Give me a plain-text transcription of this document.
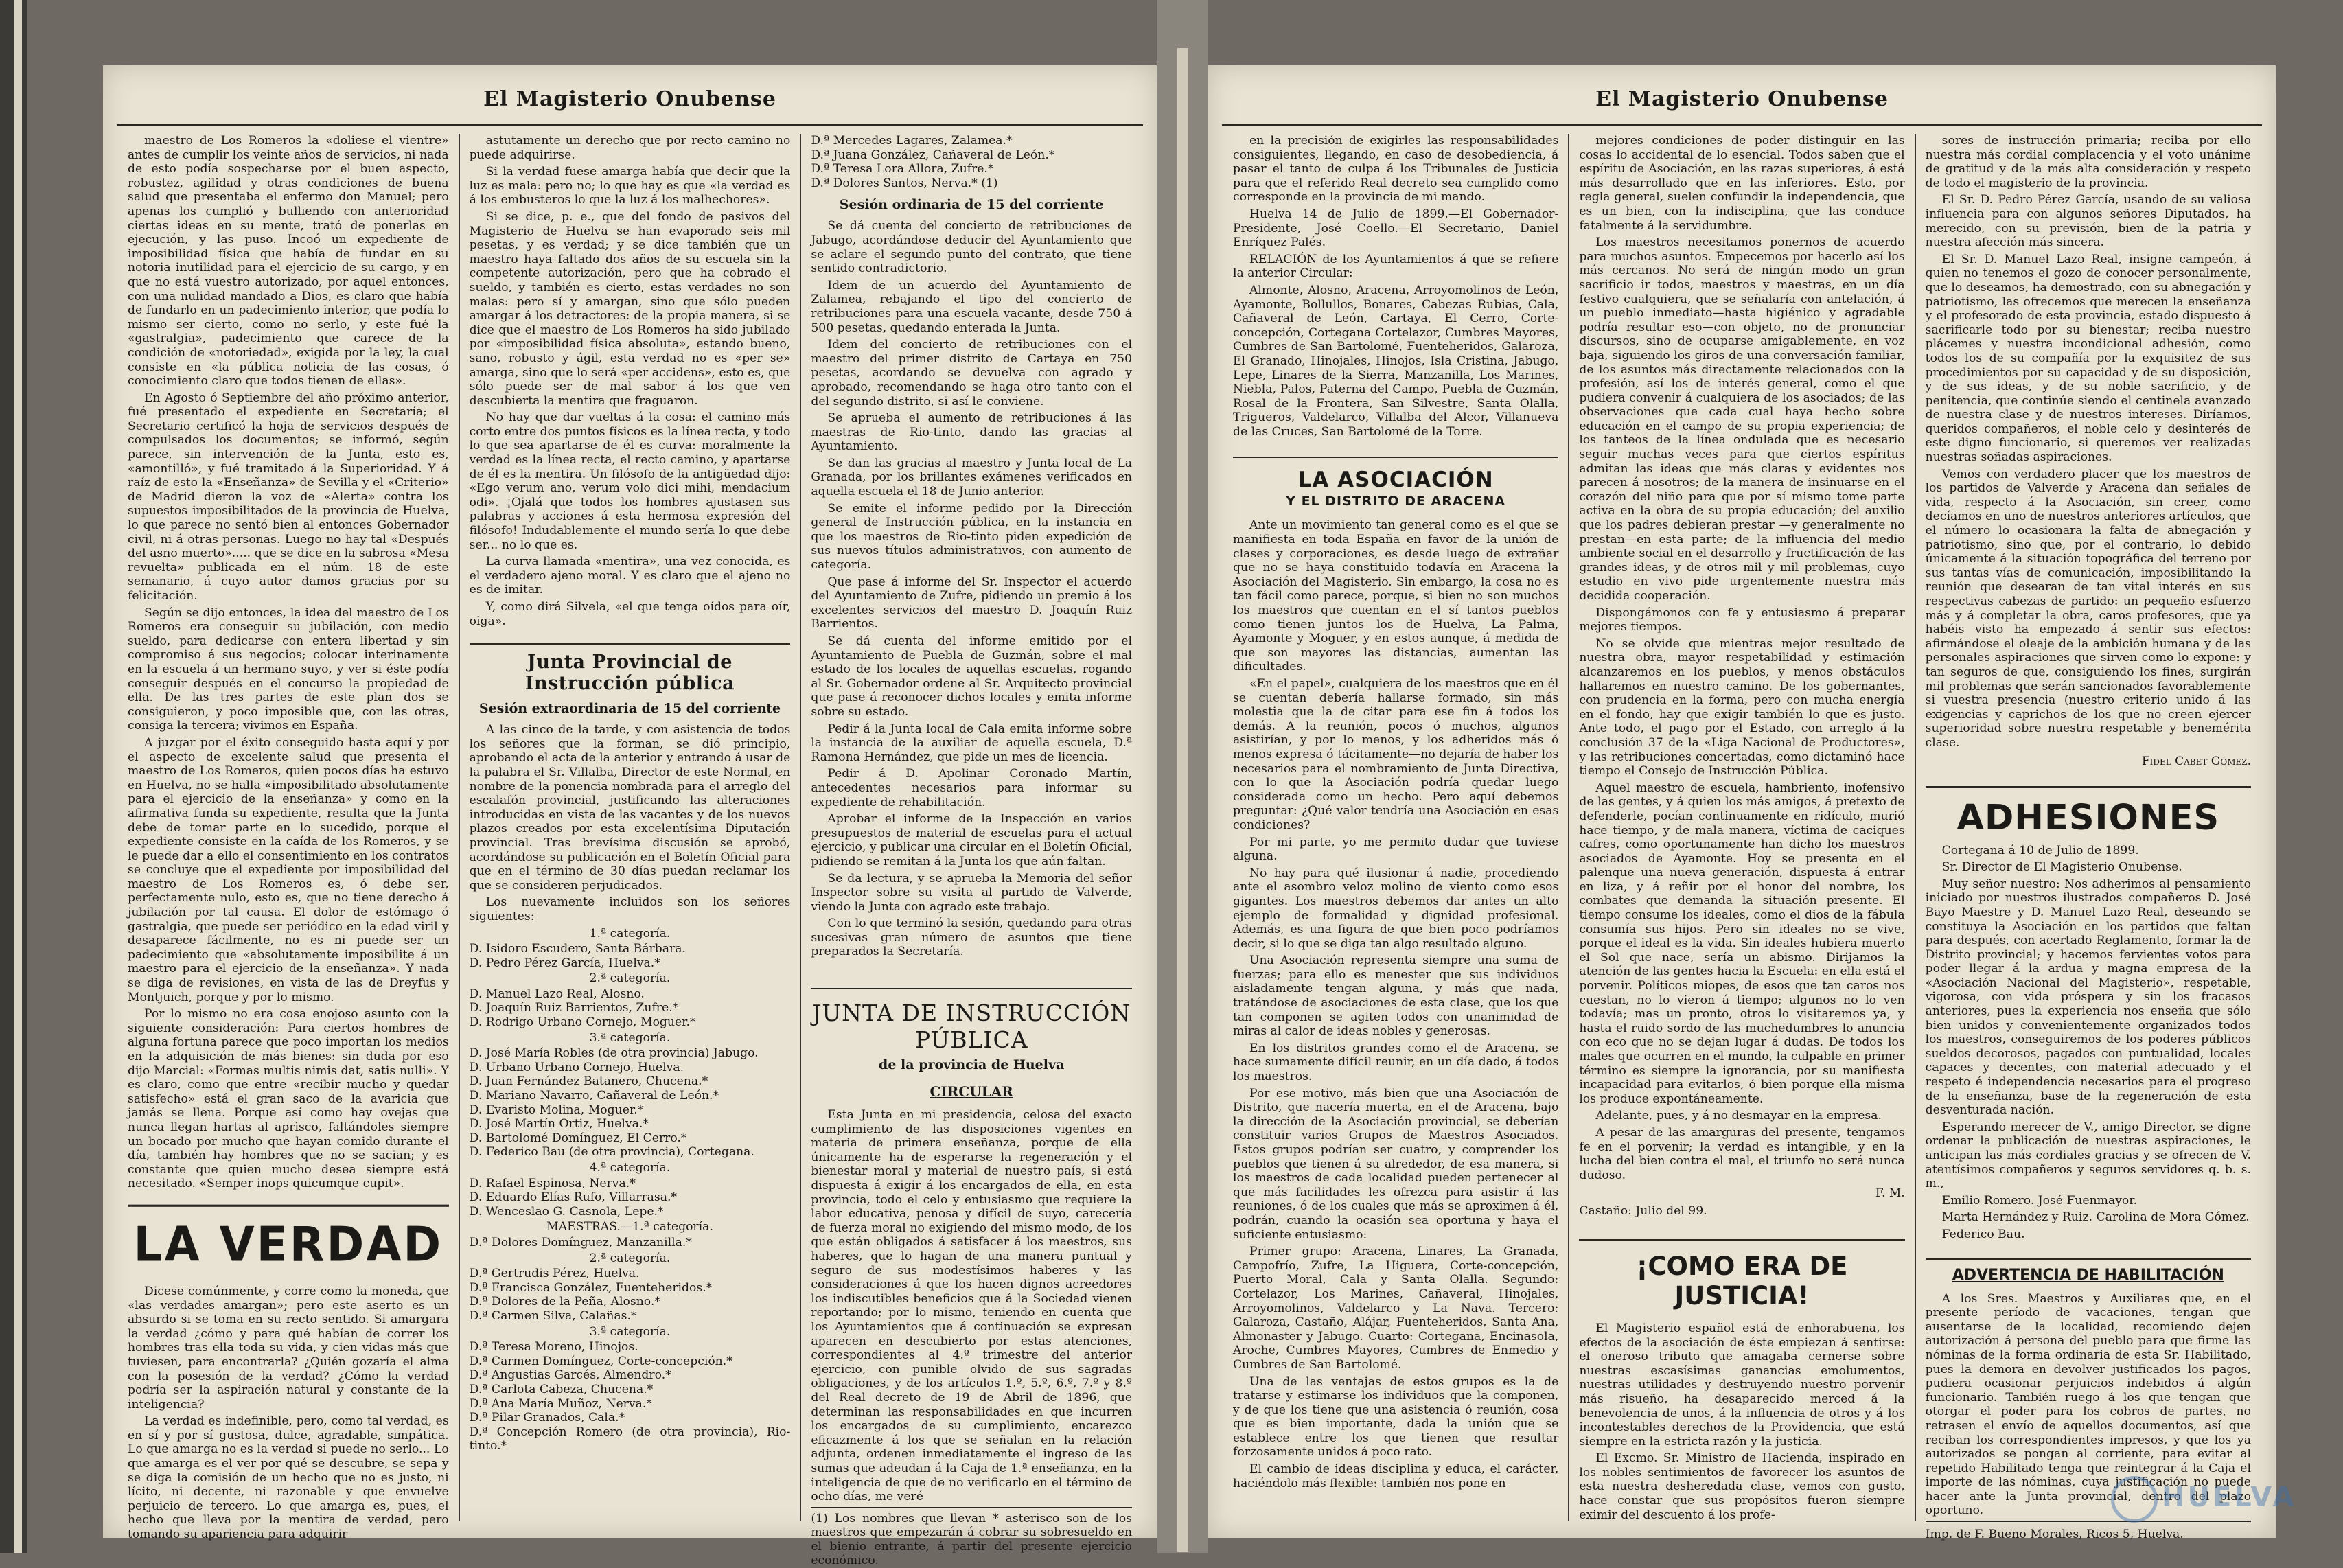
El Magisterio Onubense

maestro de Los Romeros la «doliese el vientre» antes de cumplir los veinte años de servicios, ni nada de esto podía sospecharse por el buen aspecto, robustez, agilidad y otras condiciones de buena salud que presentaba el enfermo don Manuel; pero apenas los cumplió y bulliendo con anterioridad ciertas ideas en su mente, trató de ponerlas en ejecución, y las puso. Incoó un expediente de imposibilidad física que había de fundar en su notoria inutilidad para el ejercicio de su cargo, y en que no está vuestro autorizado, por aquel entonces, con una nulidad mandado a Dios, es claro que había de fundarlo en un padecimiento interior, que podía lo mismo ser cierto, como no serlo, y este fué la «gastralgia», padecimiento que carece de la condición de «notoriedad», exigida por la ley, la cual consiste en «la pública noticia de las cosas, ó conocimiento claro que todos tienen de ellas».

En Agosto ó Septiembre del año próximo anterior, fué presentado el expediente en Secretaría; el Secretario certificó la hoja de servicios después de compulsados los documentos; se informó, según parece, sin intervención de la Junta, esto es, «amontilló», y fué tramitado á la Superioridad. Y á raíz de esto la «Enseñanza» de Sevilla y el «Criterio» de Madrid dieron la voz de «Alerta» contra los supuestos imposibilitados de la provincia de Huelva, lo que parece no sentó bien al entonces Gobernador civil, ni á otras personas. Luego no hay tal «Después del asno muerto»..... que se dice en la sabrosa «Mesa revuelta» publicada en el núm. 18 de este semanario, á cuyo autor damos gracias por su felicitación.

Según se dijo entonces, la idea del maestro de Los Romeros era conseguir su jubilación, con medio sueldo, para dedicarse con entera libertad y sin compromiso á sus negocios; colocar interinamente en la escuela á un hermano suyo, y ver si éste podía conseguir después en el concurso la propiedad de ella. De las tres partes de este plan dos se consiguieron, y poco imposible que, con las otras, consiga la tercera; vivimos en España.

A juzgar por el éxito conseguido hasta aquí y por el aspecto de excelente salud que presenta el maestro de Los Romeros, quien pocos días ha estuvo en Huelva, no se halla «imposibilitado absolutamente para el ejercicio de la enseñanza» y como en la afirmativa funda su expediente, resulta que la Junta debe de tomar parte en lo sucedido, porque el expediente consiste en la caída de los Romeros, y se le puede dar a ello el consentimiento en los contratos se concluye que el expediente por imposibilidad del maestro de Los Romeros es, ó debe ser, perfectamente nulo, esto es, que no tiene derecho á jubilación por tal causa. El dolor de estómago ó gastralgia, que puede ser periódico en la edad viril y desaparece fácilmente, no es ni puede ser un padecimiento que «absolutamente imposibilite á un maestro para el ejercicio de la enseñanza». Y nada se diga de revisiones, en vista de las de Dreyfus y Montjuich, porque y por lo mismo.

Por lo mismo no era cosa enojoso asunto con la siguiente consideración: Para ciertos hombres de alguna fortuna parece que poco importan los medios en la adquisición de más bienes: sin duda por eso dijo Marcial: «Formas multis nimis dat, satis nulli». Y es claro, como que entre «recibir mucho y quedar satisfecho» está el gran saco de la avaricia que jamás se llena. Porque así como hay ovejas que nunca llegan hartas al aprisco, faltándoles siempre un bocado por mucho que hayan comido durante el día, también hay hombres que no se sacian; y es constante que quien mucho desea siempre está necesitado. «Semper inops quicumque cupit».

LA VERDAD

Dicese comúnmente, y corre como la moneda, que «las verdades amargan»; pero este aserto es un absurdo si se toma en su recto sentido. Si amargara la verdad ¿cómo y para qué habían de correr los hombres tras ella toda su vida, y cien vidas más que tuviesen, para encontrarla? ¿Quién gozaría el alma con la posesión de la verdad? ¿Cómo la verdad podría ser la aspiración natural y constante de la inteligencia?

La verdad es indefinible, pero, como tal verdad, es en sí y por sí gustosa, dulce, agradable, simpática. Lo que amarga no es la verdad si puede no serlo... Lo que amarga es el ver por qué se descubre, se sepa y se diga la comisión de un hecho que no es justo, ni lícito, ni decente, ni razonable y que envuelve perjuicio de tercero. Lo que amarga es, pues, el hecho que lleva por la mentira de verdad, pero tomando su apariencia para adquirir

astutamente un derecho que por recto camino no puede adquirirse.

Si la verdad fuese amarga había que decir que la luz es mala: pero no; lo que hay es que «la verdad es á los embusteros lo que la luz á los malhechores».

Si se dice, p. e., que del fondo de pasivos del Magisterio de Huelva se han evaporado seis mil pesetas, y es verdad; y se dice también que un maestro haya faltado dos años de su escuela sin la competente autorización, pero que ha cobrado el sueldo, y también es cierto, estas verdades no son malas: pero sí y amargan, sino que sólo pueden amargar á los detractores: de la propia manera, si se dice que el maestro de Los Romeros ha sido jubilado por «imposibilidad física absoluta», estando bueno, sano, robusto y ágil, esta verdad no es «per se» amarga, sino que lo será «per accidens», esto es, que sólo puede ser de mal sabor á los que ven descubierta la mentira que fraguaron.

No hay que dar vueltas á la cosa: el camino más corto entre dos puntos físicos es la línea recta, y todo lo que sea apartarse de él es curva: moralmente la verdad es la línea recta, el recto camino, y apartarse de él es la mentira. Un filósofo de la antigüedad dijo: «Ego verum ano, verum volo dici mihi, mendacium odi». ¡Ojalá que todos los hombres ajustasen sus palabras y acciones á esta hermosa expresión del filósofo! Indudablemente el mundo sería lo que debe ser... no lo que es.

La curva llamada «mentira», una vez conocida, es el verdadero ajeno moral. Y es claro que el ajeno no es de imitar.

Y, como dirá Silvela, «el que tenga oídos para oír, oiga».

Junta Provincial de Instrucción pública
Sesión extraordinaria de 15 del corriente

A las cinco de la tarde, y con asistencia de todos los señores que la forman, se dió principio, aprobando el acta de la anterior y entrando á usar de la palabra el Sr. Villalba, Director de este Normal, en nombre de la ponencia nombrada para el arreglo del escalafón provincial, justificando las alteraciones introducidas en vista de las vacantes y de los nuevos plazos creados por esta excelentísima Diputación provincial. Tras brevísima discusión se aprobó, acordándose su publicación en el Boletín Oficial para que en el término de 30 días puedan reclamar los que se consideren perjudicados.

Los nuevamente incluidos son los señores siguientes:

1.ª categoría.

D. Isidoro Escudero, Santa Bárbara.

D. Pedro Pérez García, Huelva.*

2.ª categoría.

D. Manuel Lazo Real, Alosno.

D. Joaquín Ruiz Barrientos, Zufre.*

D. Rodrigo Urbano Cornejo, Moguer.*

3.ª categoría.

D. José María Robles (de otra provincia) Jabugo.

D. Urbano Urbano Cornejo, Huelva.

D. Juan Fernández Batanero, Chucena.*

D. Mariano Navarro, Cañaveral de León.*

D. Evaristo Molina, Moguer.*

D. José Martín Ortiz, Huelva.*

D. Bartolomé Domínguez, El Cerro.*

D. Federico Bau (de otra provincia), Cortegana.

4.ª categoría.

D. Rafael Espinosa, Nerva.*

D. Eduardo Elías Rufo, Villarrasa.*

D. Wenceslao G. Casnola, Lepe.*

MAESTRAS.—1.ª categoría.

D.ª Dolores Domínguez, Manzanilla.*

2.ª categoría.

D.ª Gertrudis Pérez, Huelva.

D.ª Francisca González, Fuenteheridos.*

D.ª Dolores de la Peña, Alosno.*

D.ª Carmen Silva, Calañas.*

3.ª categoría.

D.ª Teresa Moreno, Hinojos.

D.ª Carmen Domínguez, Corte-concepción.*

D.ª Angustias Garcés, Almendro.*

D.ª Carlota Cabeza, Chucena.*

D.ª Ana María Muñoz, Nerva.*

D.ª Pilar Granados, Cala.*

D.ª Concepción Romero (de otra provincia), Rio-tinto.*

D.ª Mercedes Lagares, Zalamea.*

D.ª Juana González, Cañaveral de León.*

D.ª Teresa Lora Allora, Zufre.*

D.ª Dolores Santos, Nerva.* (1)

Sesión ordinaria de 15 del corriente

Se dá cuenta del concierto de retribuciones de Jabugo, acordándose deducir del Ayuntamiento que se aclare el segundo punto del contrato, que tiene sentido contradictorio.

Idem de un acuerdo del Ayuntamiento de Zalamea, rebajando el tipo del concierto de retribuciones para una escuela vacante, desde 750 á 500 pesetas, quedando enterada la Junta.

Idem del concierto de retribuciones con el maestro del primer distrito de Cartaya en 750 pesetas, acordando se devuelva con agrado y aprobado, recomendando se haga otro tanto con el del segundo distrito, si así le conviene.

Se aprueba el aumento de retribuciones á las maestras de Rio-tinto, dando las gracias al Ayuntamiento.

Se dan las gracias al maestro y Junta local de La Granada, por los brillantes exámenes verificados en aquella escuela el 18 de Junio anterior.

Se emite el informe pedido por la Dirección general de Instrucción pública, en la instancia en que los maestros de Rio-tinto piden expedición de sus nuevos títulos administrativos, con aumento de categoría.

Que pase á informe del Sr. Inspector el acuerdo del Ayuntamiento de Zufre, pidiendo un premio á los excelentes servicios del maestro D. Joaquín Ruiz Barrientos.

Se dá cuenta del informe emitido por el Ayuntamiento de Puebla de Guzmán, sobre el mal estado de los locales de aquellas escuelas, rogando al Sr. Gobernador ordene al Sr. Arquitecto provincial que pase á reconocer dichos locales y emita informe sobre su estado.

Pedir á la Junta local de Cala emita informe sobre la instancia de la auxiliar de aquella escuela, D.ª Ramona Hernández, que pide un mes de licencia.

Pedir á D. Apolinar Coronado Martín, antecedentes necesarios para informar su expediente de rehabilitación.

Aprobar el informe de la Inspección en varios presupuestos de material de escuelas para el actual ejercicio, y publicar una circular en el Boletín Oficial, pidiendo se remitan á la Junta los que aún faltan.

Se da lectura, y se aprueba la Memoria del señor Inspector sobre su visita al partido de Valverde, viendo la Junta con agrado este trabajo.

Con lo que terminó la sesión, quedando para otras sucesivas gran número de asuntos que tiene preparados la Secretaría.

JUNTA DE INSTRUCCIÓN PÚBLICA
de la provincia de Huelva
CIRCULAR

Esta Junta en mi presidencia, celosa del exacto cumplimiento de las disposiciones vigentes en materia de primera enseñanza, porque de ella únicamente ha de esperarse la regeneración y el bienestar moral y material de nuestro país, si está dispuesta á exigir á los encargados de ella, en esta provincia, todo el celo y entusiasmo que requiere la labor educativa, penosa y difícil de suyo, carecería de fuerza moral no exigiendo del mismo modo, de los que están obligados á satisfacer á los maestros, sus haberes, que lo hagan de una manera puntual y seguro de sus modestísimos haberes y las consideraciones á que los hacen dignos acreedores los indiscutibles beneficios que á la Sociedad vienen reportando; por lo mismo, teniendo en cuenta que los Ayuntamientos que á continuación se expresan aparecen en descubierto por estas atenciones, correspondientes al 4.º trimestre del anterior ejercicio, con punible olvido de sus sagradas obligaciones, y de los artículos 1.º, 5.º, 6.º, 7.º y 8.º del Real decreto de 19 de Abril de 1896, que determinan las responsabilidades en que incurren los encargados de su cumplimiento, encarezco eficazmente á los que se señalan en la relación adjunta, ordenen inmediatamente el ingreso de las sumas que adeudan á la Caja de 1.ª enseñanza, en la inteligencia de que de no verificarlo en el término de ocho días, me veré

(1) Los nombres que llevan * asterisco son de los maestros que empezarán á cobrar su sobresueldo en el bienio entrante, á partir del presente ejercicio económico.

El Magisterio Onubense

en la precisión de exigirles las responsabilidades consiguientes, llegando, en caso de desobediencia, á pasar el tanto de culpa á los Tribunales de Justicia para que el referido Real decreto sea cumplido como corresponde en la provincia de mi mando.

Huelva 14 de Julio de 1899.—El Gobernador-Presidente, José Coello.—El Secretario, Daniel Enríquez Palés.

RELACIÓN de los Ayuntamientos á que se refiere la anterior Circular:

Almonte, Alosno, Aracena, Arroyomolinos de León, Ayamonte, Bollullos, Bonares, Cabezas Rubias, Cala, Cañaveral de León, Cartaya, El Cerro, Corte-concepción, Cortegana Cortelazor, Cumbres Mayores, Cumbres de San Bartolomé, Fuenteheridos, Galaroza, El Granado, Hinojales, Hinojos, Isla Cristina, Jabugo, Lepe, Linares de la Sierra, Manzanilla, Los Marines, Niebla, Palos, Paterna del Campo, Puebla de Guzmán, Rosal de la Frontera, San Silvestre, Santa Olalla, Trigueros, Valdelarco, Villalba del Alcor, Villanueva de las Cruces, San Bartolomé de la Torre.

LA ASOCIACIÓN
Y EL DISTRITO DE ARACENA

Ante un movimiento tan general como es el que se manifiesta en toda España en favor de la unión de clases y corporaciones, es desde luego de extrañar que no se haya constituido todavía en Aracena la Asociación del Magisterio. Sin embargo, la cosa no es tan fácil como parece, porque, si bien no son muchos los maestros que cuentan en el sí tantos pueblos como tienen juntos los de Huelva, La Palma, Ayamonte y Moguer, y en estos aunque, á medida de que son mayores las distancias, aumentan las dificultades.

«En el papel», cualquiera de los maestros que en él se cuentan debería hallarse formado, sin más molestia que la de citar para ese fin á todos los demás. A la reunión, pocos ó muchos, algunos asistirían, y por lo menos, y los adheridos más ó menos expresa ó tácitamente—no dejaría de haber los necesarios para el nombramiento de Junta Directiva, con lo que la Asociación podría quedar luego considerada como un hecho. Pero aquí debemos preguntar: ¿Qué valor tendría una Asociación en esas condiciones?

Por mi parte, yo me permito dudar que tuviese alguna.

No hay para qué ilusionar á nadie, procediendo ante el asombro veloz molino de viento como esos gigantes. Los maestros debemos dar antes un alto ejemplo de formalidad y dignidad profesional. Además, es una figura de que bien poco podríamos decir, si lo que se diga tan algo resultado alguno.

Una Asociación representa siempre una suma de fuerzas; para ello es menester que sus individuos aisladamente tengan alguna, y más que nada, tratándose de asociaciones de esta clase, que los que tan componen se agiten todos con unanimidad de miras al calor de ideas nobles y generosas.

En los distritos grandes como el de Aracena, se hace sumamente difícil reunir, en un día dado, á todos los maestros.

Por ese motivo, más bien que una Asociación de Distrito, que nacería muerta, en el de Aracena, bajo la dirección de la Asociación provincial, se deberían constituir varios Grupos de Maestros Asociados. Estos grupos podrían ser cuatro, y comprender los pueblos que tienen á su alrededor, de esa manera, si los maestros de cada localidad pueden pertenecer al que más facilidades les ofrezca para asistir á las reuniones, ó de los cuales que más se aproximen á él, podrán, cuando la ocasión sea oportuna y haya el suficiente entusiasmo:

Primer grupo: Aracena, Linares, La Granada, Campofrío, Zufre, La Higuera, Corte-concepción, Puerto Moral, Cala y Santa Olalla. Segundo: Cortelazor, Los Marines, Cañaveral, Hinojales, Arroyomolinos, Valdelarco y La Nava. Tercero: Galaroza, Castaño, Alájar, Fuenteheridos, Santa Ana, Almonaster y Jabugo. Cuarto: Cortegana, Encinasola, Aroche, Cumbres Mayores, Cumbres de Enmedio y Cumbres de San Bartolomé.

Una de las ventajas de estos grupos es la de tratarse y estimarse los individuos que la componen, y de que los tiene que una asistencia ó reunión, cosa que es bien importante, dada la unión que se establece entre los que tienen que resultar forzosamente unidos á poco rato.

El cambio de ideas disciplina y educa, el carácter, haciéndolo más flexible: también nos pone en

mejores condiciones de poder distinguir en las cosas lo accidental de lo esencial. Todos saben que el espíritu de Asociación, en las razas superiores, á está más desarrollado que en las inferiores. Esto, por regla general, suelen confundir la independencia, que es un bien, con la indisciplina, que las conduce fatalmente á la servidumbre.

Los maestros necesitamos ponernos de acuerdo para muchos asuntos. Empecemos por hacerlo así los más cercanos. No será de ningún modo un gran sacrificio ir todos, maestros y maestras, en un día festivo cualquiera, que se señalaría con antelación, á un pueblo inmediato—hasta higiénico y agradable podría resultar eso—con objeto, no de pronunciar discursos, sino de ocuparse amigablemente, en voz baja, siguiendo los giros de una conversación familiar, de los asuntos más directamente relacionados con la profesión, así los de interés general, como el que pudiera convenir á cualquiera de los asociados; de las observaciones que cada cual haya hecho sobre educación en el campo de su propia experiencia; de los tanteos de la línea ondulada que es necesario seguir muchas veces para que ciertos espíritus admitan las ideas que más claras y evidentes nos parecen á nosotros; de la manera de insinuarse en el corazón del niño para que por sí mismo tome parte activa en la obra de su propia educación; del auxilio que los padres debieran prestar —y generalmente no prestan—en esta parte; de la influencia del medio ambiente social en el desarrollo y fructificación de las grandes ideas, y de otros mil y mil problemas, cuyo estudio en vivo pide urgentemente nuestra más decidida cooperación.

Dispongámonos con fe y entusiasmo á preparar mejores tiempos.

No se olvide que mientras mejor resultado de nuestra obra, mayor respetabilidad y estimación alcanzaremos en los pueblos, y menos obstáculos hallaremos en nuestro camino. De los gobernantes, con prudencia en la forma, pero con mucha energía en el fondo, hay que exigir también lo que es justo. Ante todo, el pago por el Estado, con arreglo á la conclusión 37 de la «Liga Nacional de Productores», y las retribuciones concertadas, como dictaminó hace tiempo el Consejo de Instrucción Pública.

Aquel maestro de escuela, hambriento, inofensivo de las gentes, y á quien los más amigos, á pretexto de defenderle, pocían continuamente en ridículo, murió hace tiempo, y de mala manera, víctima de caciques cafres, como oportunamente han dicho los maestros asociados de Ayamonte. Hoy se presenta en el palenque una nueva generación, dispuesta á entrar en liza, y á reñir por el honor del nombre, los combates que demanda la situación presente. El tiempo consume los ideales, como el dios de la fábula consumía sus hijos. Pero sin ideales no se vive, porque el ideal es la vida. Sin ideales hubiera muerto el Sol que nace, sería un abismo. Dirijamos la atención de las gentes hacia la Escuela: en ella está el porvenir. Políticos miopes, de esos que tan caros nos cuestan, no lo vieron á tiempo; algunos no lo ven todavía; mas un pronto, otros lo visitaremos ya, y hasta el ruido sordo de las muchedumbres lo anuncia con eco que no se dejan lugar á dudas. De todos los males que ocurren en el mundo, la culpable en primer término es siempre la ignorancia, por su manifiesta incapacidad para evitarlos, ó bien porque ella misma los produce expontáneamente.

Adelante, pues, y á no desmayar en la empresa.

A pesar de las amarguras del presente, tengamos fe en el porvenir; la verdad es intangible, y en la lucha del bien contra el mal, el triunfo no será nunca dudoso.

F. M.

Castaño: Julio del 99.

¡COMO ERA DE JUSTICIA!

El Magisterio español está de enhorabuena, los efectos de la asociación de éste empiezan á sentirse: el oneroso tributo que amagaba cernerse sobre nuestras escasísimas ganancias emolumentos, nuestras utilidades y destruyendo nuestro porvenir más risueño, ha desaparecido merced á la benevolencia de unos, á la influencia de otros y á los incontestables derechos de la Providencia, que está siempre en la estricta razón y la justicia.

El Excmo. Sr. Ministro de Hacienda, inspirado en los nobles sentimientos de favorecer los asuntos de esta nuestra desheredada clase, vemos con gusto, hace constar que sus propósitos fueron siempre eximir del descuento á los profe-

sores de instrucción primaria; reciba por ello nuestra más cordial complacencia y el voto unánime de gratitud y de la más alta consideración y respeto de todo el magisterio de la provincia.

El Sr. D. Pedro Pérez García, usando de su valiosa influencia para con algunos señores Diputados, ha merecido, con su previsión, bien de la patria y nuestra afección más sincera.

El Sr. D. Manuel Lazo Real, insigne campeón, á quien no tenemos el gozo de conocer personalmente, que lo deseamos, ha demostrado, con su abnegación y patriotismo, las ofrecemos que merecen la enseñanza y el profesorado de esta provincia, estado dispuesto á sacrificarle todo por su bienestar; reciba nuestro plácemes y nuestra incondicional adhesión, como todos los de su compañía por la exquisitez de sus procedimientos por su capacidad y de su disposición, y de sus ideas, y de su noble sacrificio, y de penitencia, que continúe siendo el centinela avanzado de nuestra clase y de nuestros intereses. Diríamos, queridos compañeros, el noble celo y desinterés de este digno funcionario, si queremos ver realizadas nuestras soñadas aspiraciones.

Vemos con verdadero placer que los maestros de los partidos de Valverde y Aracena dan señales de vida, respecto á la Asociación, sin creer, como decíamos en uno de nuestros anteriores artículos, que el número lo ocasionara la falta de abnegación y patriotismo, sino que, por el contrario, lo debido únicamente á la situación topográfica del terreno por sus tantas vías de comunicación, imposibilitando la reunión que desearan de tan vital interés en sus respectivas cabezas de partido: un pequeño esfuerzo más y á completar la obra, caros profesores, que ya habéis visto ha empezado á sentir sus efectos: afirmándose el oleaje de la ambición humana y de las personales aspiraciones que sirven como lo expone: y tan seguros de que, consiguiendo los fines, surgirán mil problemas que serán sancionados favorablemente si vuestra presencia (nuestro criterio unido á las exigencias y caprichos de los que no creen ejercer superioridad sobre nuestra respetable y benemérita clase.

Fidel Cabet Gómez.
ADHESIONES

Cortegana á 10 de Julio de 1899.

Sr. Director de El Magisterio Onubense.

Muy señor nuestro: Nos adherimos al pensamiento iniciado por nuestros ilustrados compañeros D. José Bayo Maestre y D. Manuel Lazo Real, deseando se constituya la Asociación en los partidos que faltan para después, con acertado Reglamento, formar la de Distrito provincial; y hacemos fervientes votos para poder llegar á la ardua y magna empresa de la «Asociación Nacional del Magisterio», respetable, vigorosa, con vida próspera y sin los fracasos anteriores, pues la experiencia nos enseña que sólo bien unidos y convenientemente organizados todos los maestros, conseguiremos de los poderes públicos sueldos decorosos, pagados con puntualidad, locales capaces y decentes, con material adecuado y el respeto é independencia necesarios para el progreso de la enseñanza, base de la regeneración de esta desventurada nación.

Esperando merecer de V., amigo Director, se digne ordenar la publicación de nuestras aspiraciones, le anticipan las más cordiales gracias y se ofrecen de V. atentísimos compañeros y seguros servidores q. b. s. m.,

Emilio Romero. José Fuenmayor.

Marta Hernández y Ruiz. Carolina de Mora Gómez.

Federico Bau.

ADVERTENCIA DE HABILITACIÓN

A los Sres. Maestros y Auxiliares que, en el presente período de vacaciones, tengan que ausentarse de la localidad, recomiendo dejen autorización á persona del pueblo para que firme las nóminas de la forma ordinaria de esta Sr. Habilitado, pues la demora en devolver justificados los pagos, pudiera ocasionar perjuicios indebidos á algún funcionario. También ruego á los que tengan que otorgar el poder para los cobros de partes, no retrasen el envío de aquellos documentos, así que reciban los correspondientes impresos, y que los ya autorizados se pongan al corriente, para evitar al repetido Habilitado tenga que reintegrar á la Caja el importe de las nóminas, cuya justificación no puede hacer ante la Junta provincial, dentro del plazo oportuno.

Imp. de F. Bueno Morales, Ricos 5, Huelva.

HUELVA
